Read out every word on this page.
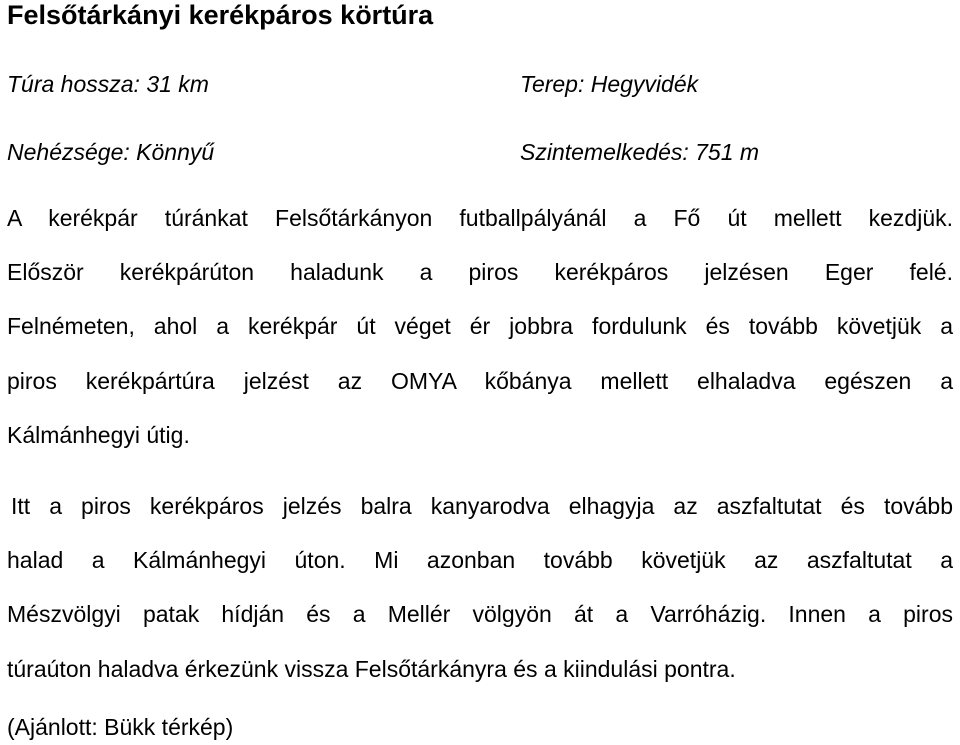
Felsőtárkányi kerékpáros körtúra
Túra hossza: 31 km	Terep: Hegyvidék
Nehézsége: Könnyű	Szintemelkedés: 751 m

A kerékpár túránkat Felsőtárkányon futballpályánál a Fő út mellett kezdjük.
Először kerékpárúton haladunk a piros kerékpáros jelzésen Eger felé.
Felnémeten, ahol a kerékpár út véget ér jobbra fordulunk és tovább követjük a
piros kerékpártúra jelzést az OMYA kőbánya mellett elhaladva egészen a
Kálmánhegyi útig.

Itt a piros kerékpáros jelzés balra kanyarodva elhagyja az aszfaltutat és tovább
halad a Kálmánhegyi úton. Mi azonban tovább követjük az aszfaltutat a
Mészvölgyi patak hídján és a Mellér völgyön át a Varróházig. Innen a piros
túraúton haladva érkezünk vissza Felsőtárkányra és a kiindulási pontra.

(Ajánlott: Bükk térkép)
